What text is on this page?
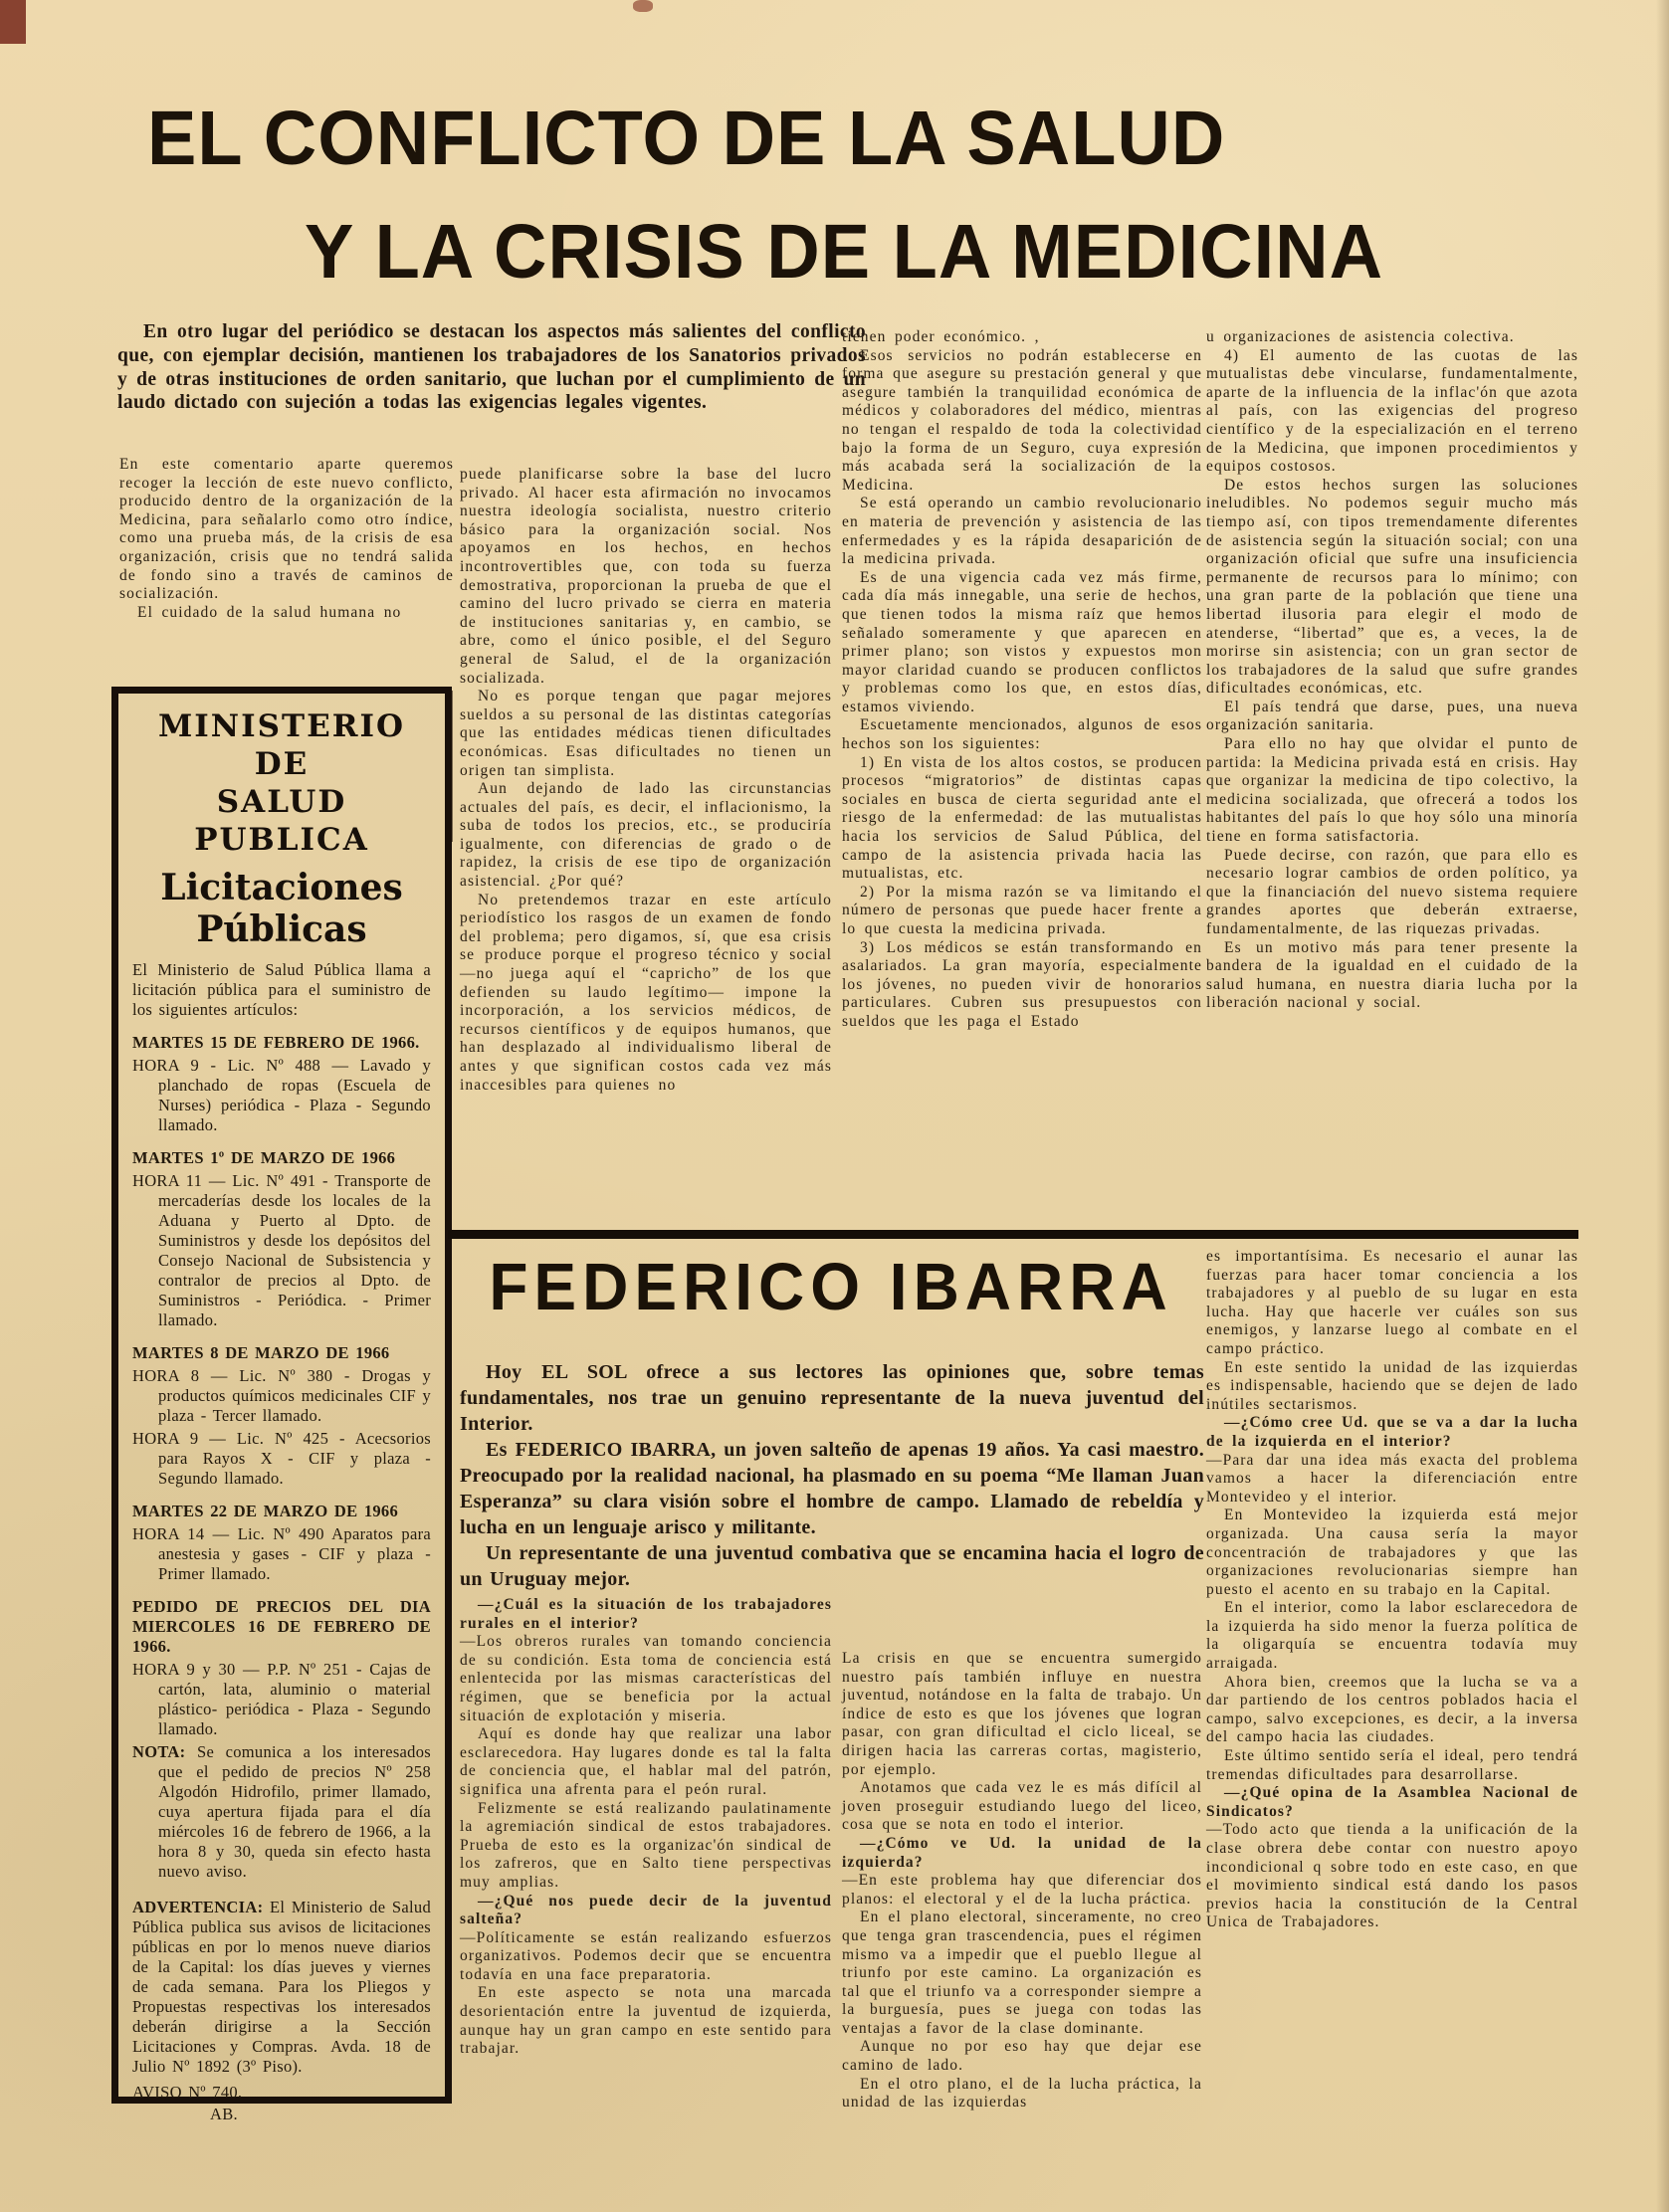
EL CONFLICTO DE LA SALUD
Y LA CRISIS DE LA MEDICINA

En otro lugar del periódico se destacan los aspectos más salientes del conflicto que, con ejemplar decisión, mantienen los trabajadores de los Sanatorios privados y de otras instituciones de orden sanitario, que luchan por el cumplimiento de un laudo dictado con sujeción a todas las exigencias legales vigentes.

En este comentario aparte queremos recoger la lección de este nuevo conflicto, producido dentro de la organización de la Medicina, para señalarlo como otro índice, como una prueba más, de la crisis de esa organización, crisis que no tendrá salida de fondo sino a través de caminos de socialización.

El cuidado de la salud humana no

MINISTERIO DE
SALUD PUBLICA
Licitaciones Públicas

El Ministerio de Salud Pública llama a licitación pública para el suministro de los siguientes artículos:

MARTES 15 DE FEBRERO DE 1966.

HORA 9 - Lic. Nº 488 — Lavado y planchado de ropas (Escuela de Nurses) periódica - Plaza - Segundo llamado.

MARTES 1º DE MARZO DE 1966

HORA 11 — Lic. Nº 491 - Transporte de mercaderías desde los locales de la Aduana y Puerto al Dpto. de Suministros y desde los depósitos del Consejo Nacional de Subsistencia y contralor de precios al Dpto. de Suministros - Periódica. - Primer llamado.

MARTES 8 DE MARZO DE 1966

HORA 8 — Lic. Nº 380 - Drogas y productos químicos medicinales CIF y plaza - Tercer llamado.

HORA 9 — Lic. Nº 425 - Acecsorios para Rayos X - CIF y plaza - Segundo llamado.

MARTES 22 DE MARZO DE 1966

HORA 14 — Lic. Nº 490 Aparatos para anestesia y gases - CIF y plaza - Primer llamado.

PEDIDO DE PRECIOS DEL DIA MIERCOLES 16 DE FEBRERO DE 1966.

HORA 9 y 30 — P.P. Nº 251 - Cajas de cartón, lata, aluminio o material plástico- periódica - Plaza - Segundo llamado.

NOTA: Se comunica a los interesados que el pedido de precios Nº 258 Algodón Hidrofilo, primer llamado, cuya apertura fijada para el día miércoles 16 de febrero de 1966, a la hora 8 y 30, queda sin efecto hasta nuevo aviso.

ADVERTENCIA: El Ministerio de Salud Pública publica sus avisos de licitaciones públicas en por lo menos nueve diarios de la Capital: los días jueves y viernes de cada semana. Para los Pliegos y Propuestas respectivas los interesados deberán dirigirse a la Sección Licitaciones y Compras. Avda. 18 de Julio Nº 1892 (3º Piso).

AVISO Nº 740.

AB.

puede planificarse sobre la base del lucro privado. Al hacer esta afirmación no invocamos nuestra ideología socialista, nuestro criterio básico para la organización social. Nos apoyamos en los hechos, en hechos incontrovertibles que, con toda su fuerza demostrativa, proporcionan la prueba de que el camino del lucro privado se cierra en materia de instituciones sanitarias y, en cambio, se abre, como el único posible, el del Seguro general de Salud, el de la organización socializada.

No es porque tengan que pagar mejores sueldos a su personal de las distintas categorías que las entidades médicas tienen dificultades económicas. Esas dificultades no tienen un origen tan simplista.

Aun dejando de lado las circunstancias actuales del país, es decir, el inflacionismo, la suba de todos los precios, etc., se produciría igualmente, con diferencias de grado o de rapidez, la crisis de ese tipo de organización asistencial. ¿Por qué?

No pretendemos trazar en este artículo periodístico los rasgos de un examen de fondo del problema; pero digamos, sí, que esa crisis se produce porque el progreso técnico y social —no juega aquí el “capricho” de los que defienden su laudo legítimo— impone la incorporación, a los servicios médicos, de recursos científicos y de equipos humanos, que han desplazado al individualismo liberal de antes y que significan costos cada vez más inaccesibles para quienes no

tienen poder económico. ,

Esos servicios no podrán establecerse en forma que asegure su prestación general y que asegure también la tranquilidad económica de médicos y colaboradores del médico, mientras no tengan el respaldo de toda la colectividad bajo la forma de un Seguro, cuya expresión más acabada será la socialización de la Medicina.

Se está operando un cambio revolucionario en materia de prevención y asistencia de las enfermedades y es la rápida desaparición de la medicina privada.

Es de una vigencia cada vez más firme, cada día más innegable, una serie de hechos, que tienen todos la misma raíz que hemos señalado someramente y que aparecen en primer plano; son vistos y expuestos mon mayor claridad cuando se producen conflictos y problemas como los que, en estos días, estamos viviendo.

Escuetamente mencionados, algunos de esos hechos son los siguientes:

1) En vista de los altos costos, se producen procesos “migratorios” de distintas capas sociales en busca de cierta seguridad ante el riesgo de la enfermedad: de las mutualistas hacia los servicios de Salud Pública, del campo de la asistencia privada hacia las mutualistas, etc.

2) Por la misma razón se va limitando el número de personas que puede hacer frente a lo que cuesta la medicina privada.

3) Los médicos se están transformando en asalariados. La gran mayoría, especialmente los jóvenes, no pueden vivir de honorarios particulares. Cubren sus presupuestos con sueldos que les paga el Estado

u organizaciones de asistencia colectiva.

4) El aumento de las cuotas de las mutualistas debe vincularse, fundamentalmente, aparte de la influencia de la inflac'ón que azota al país, con las exigencias del progreso científico y de la especialización en el terreno de la Medicina, que imponen procedimientos y equipos costosos.

De estos hechos surgen las soluciones ineludibles. No podemos seguir mucho más tiempo así, con tipos tremendamente diferentes de asistencia según la situación social; con una organización oficial que sufre una insuficiencia permanente de recursos para lo mínimo; con una gran parte de la población que tiene una libertad ilusoria para elegir el modo de atenderse, “libertad” que es, a veces, la de morirse sin asistencia; con un gran sector de los trabajadores de la salud que sufre grandes dificultades económicas, etc.

El país tendrá que darse, pues, una nueva organización sanitaria.

Para ello no hay que olvidar el punto de partida: la Medicina privada está en crisis. Hay que organizar la medicina de tipo colectivo, la medicina socializada, que ofrecerá a todos los habitantes del país lo que hoy sólo una minoría tiene en forma satisfactoria.

Puede decirse, con razón, que para ello es necesario lograr cambios de orden político, ya que la financiación del nuevo sistema requiere grandes aportes que deberán extraerse, fundamentalmente, de las riquezas privadas.

Es un motivo más para tener presente la bandera de la igualdad en el cuidado de la salud humana, en nuestra diaria lucha por la liberación nacional y social.

FEDERICO IBARRA

Hoy EL SOL ofrece a sus lectores las opiniones que, sobre temas fundamentales, nos trae un genuino representante de la nueva juventud del Interior.

Es FEDERICO IBARRA, un joven salteño de apenas 19 años. Ya casi maestro. Preocupado por la realidad nacional, ha plasmado en su poema “Me llaman Juan Esperanza” su clara visión sobre el hombre de campo. Llamado de rebeldía y lucha en un lenguaje arisco y militante.

Un representante de una juventud combativa que se encamina hacia el logro de un Uruguay mejor.

—¿Cuál es la situación de los trabajadores rurales en el interior?

—Los obreros rurales van tomando conciencia de su condición. Esta toma de conciencia está enlentecida por las mismas características del régimen, que se beneficia por la actual situación de explotación y miseria.

Aquí es donde hay que realizar una labor esclarecedora. Hay lugares donde es tal la falta de conciencia que, el hablar mal del patrón, significa una afrenta para el peón rural.

Felizmente se está realizando paulatinamente la agremiación sindical de estos trabajadores. Prueba de esto es la organizac'ón sindical de los zafreros, que en Salto tiene perspectivas muy amplias.

—¿Qué nos puede decir de la juventud salteña?

—Políticamente se están realizando esfuerzos organizativos. Podemos decir que se encuentra todavía en una face preparatoria.

En este aspecto se nota una marcada desorientación entre la juventud de izquierda, aunque hay un gran campo en este sentido para trabajar.

La crisis en que se encuentra sumergido nuestro país también influye en nuestra juventud, notándose en la falta de trabajo. Un índice de esto es que los jóvenes que logran pasar, con gran dificultad el ciclo liceal, se dirigen hacia las carreras cortas, magisterio, por ejemplo.

Anotamos que cada vez le es más difícil al joven proseguir estudiando luego del liceo, cosa que se nota en todo el interior.

—¿Cómo ve Ud. la unidad de la izquierda?

—En este problema hay que diferenciar dos planos: el electoral y el de la lucha práctica.

En el plano electoral, sinceramente, no creo que tenga gran trascendencia, pues el régimen mismo va a impedir que el pueblo llegue al triunfo por este camino. La organización es tal que el triunfo va a corresponder siempre a la burguesía, pues se juega con todas las ventajas a favor de la clase dominante.

Aunque no por eso hay que dejar ese camino de lado.

En el otro plano, el de la lucha práctica, la unidad de las izquierdas

es importantísima. Es necesario el aunar las fuerzas para hacer tomar conciencia a los trabajadores y al pueblo de su lugar en esta lucha. Hay que hacerle ver cuáles son sus enemigos, y lanzarse luego al combate en el campo práctico.

En este sentido la unidad de las izquierdas es indispensable, haciendo que se dejen de lado inútiles sectarismos.

—¿Cómo cree Ud. que se va a dar la lucha de la izquierda en el interior?

—Para dar una idea más exacta del problema vamos a hacer la diferenciación entre Montevideo y el interior.

En Montevideo la izquierda está mejor organizada. Una causa sería la mayor concentración de trabajadores y que las organizaciones revolucionarias siempre han puesto el acento en su trabajo en la Capital.

En el interior, como la labor esclarecedora de la izquierda ha sido menor la fuerza política de la oligarquía se encuentra todavía muy arraigada.

Ahora bien, creemos que la lucha se va a dar partiendo de los centros poblados hacia el campo, salvo excepciones, es decir, a la inversa del campo hacia las ciudades.

Este último sentido sería el ideal, pero tendrá tremendas dificultades para desarrollarse.

—¿Qué opina de la Asamblea Nacional de Sindicatos?

—Todo acto que tienda a la unificación de la clase obrera debe contar con nuestro apoyo incondicional q sobre todo en este caso, en que el movimiento sindical está dando los pasos previos hacia la constitución de la Central Unica de Trabajadores.
